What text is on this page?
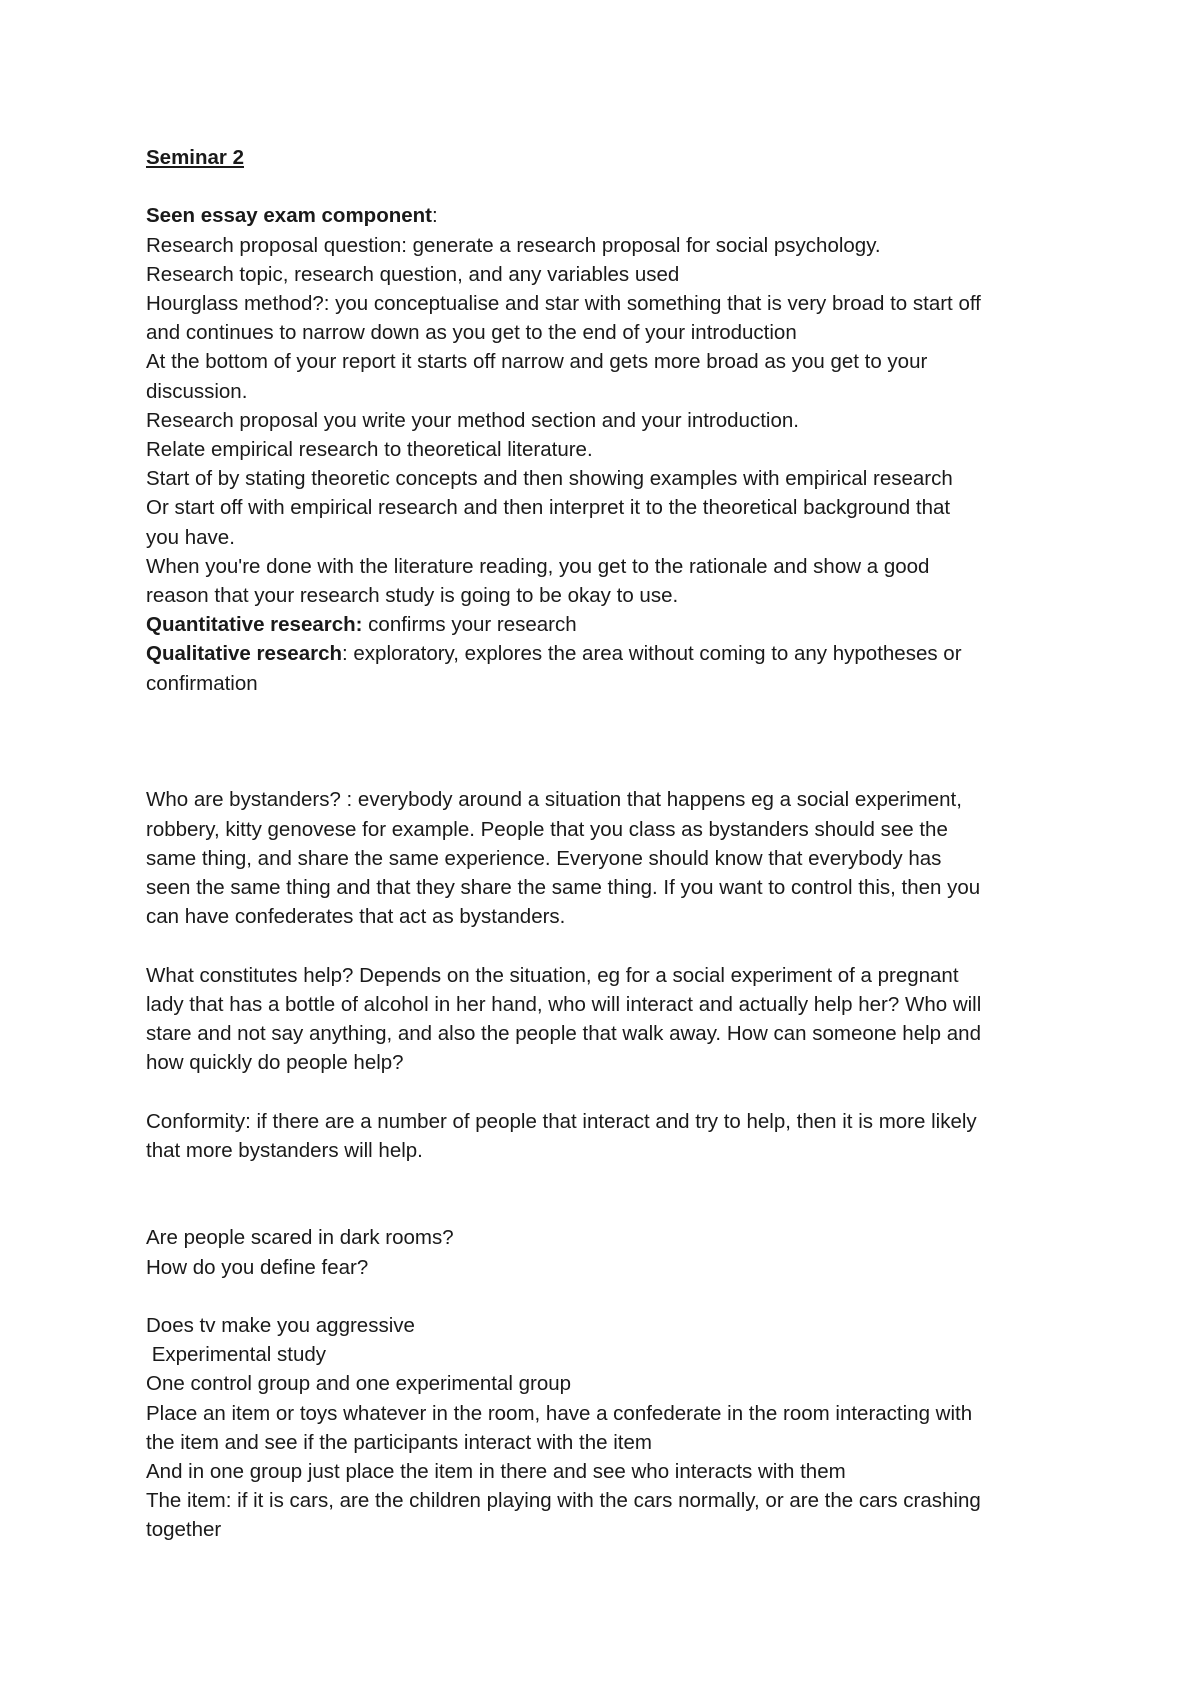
Seminar 2

Seen essay exam component:

Research proposal question: generate a research proposal for social psychology.

Research topic, research question, and any variables used

Hourglass method?: you conceptualise and star with something that is very broad to start off

and continues to narrow down as you get to the end of your introduction

At the bottom of your report it starts off narrow and gets more broad as you get to your

discussion.

Research proposal you write your method section and your introduction.

Relate empirical research to theoretical literature.

Start of by stating theoretic concepts and then showing examples with empirical research

Or start off with empirical research and then interpret it to the theoretical background that

you have.

When you're done with the literature reading, you get to the rationale and show a good

reason that your research study is going to be okay to use.

Quantitative research: confirms your research

Qualitative research: exploratory, explores the area without coming to any hypotheses or

confirmation

Who are bystanders? : everybody around a situation that happens eg a social experiment,

robbery, kitty genovese for example. People that you class as bystanders should see the

same thing, and share the same experience. Everyone should know that everybody has

seen the same thing and that they share the same thing. If you want to control this, then you

can have confederates that act as bystanders.

What constitutes help? Depends on the situation, eg for a social experiment of a pregnant

lady that has a bottle of alcohol in her hand, who will interact and actually help her? Who will

stare and not say anything, and also the people that walk away. How can someone help and

how quickly do people help?

Conformity: if there are a number of people that interact and try to help, then it is more likely

that more bystanders will help.

Are people scared in dark rooms?

How do you define fear?

Does tv make you aggressive

Experimental study

One control group and one experimental group

Place an item or toys whatever in the room, have a confederate in the room interacting with

the item and see if the participants interact with the item

And in one group just place the item in there and see who interacts with them

The item: if it is cars, are the children playing with the cars normally, or are the cars crashing

together
